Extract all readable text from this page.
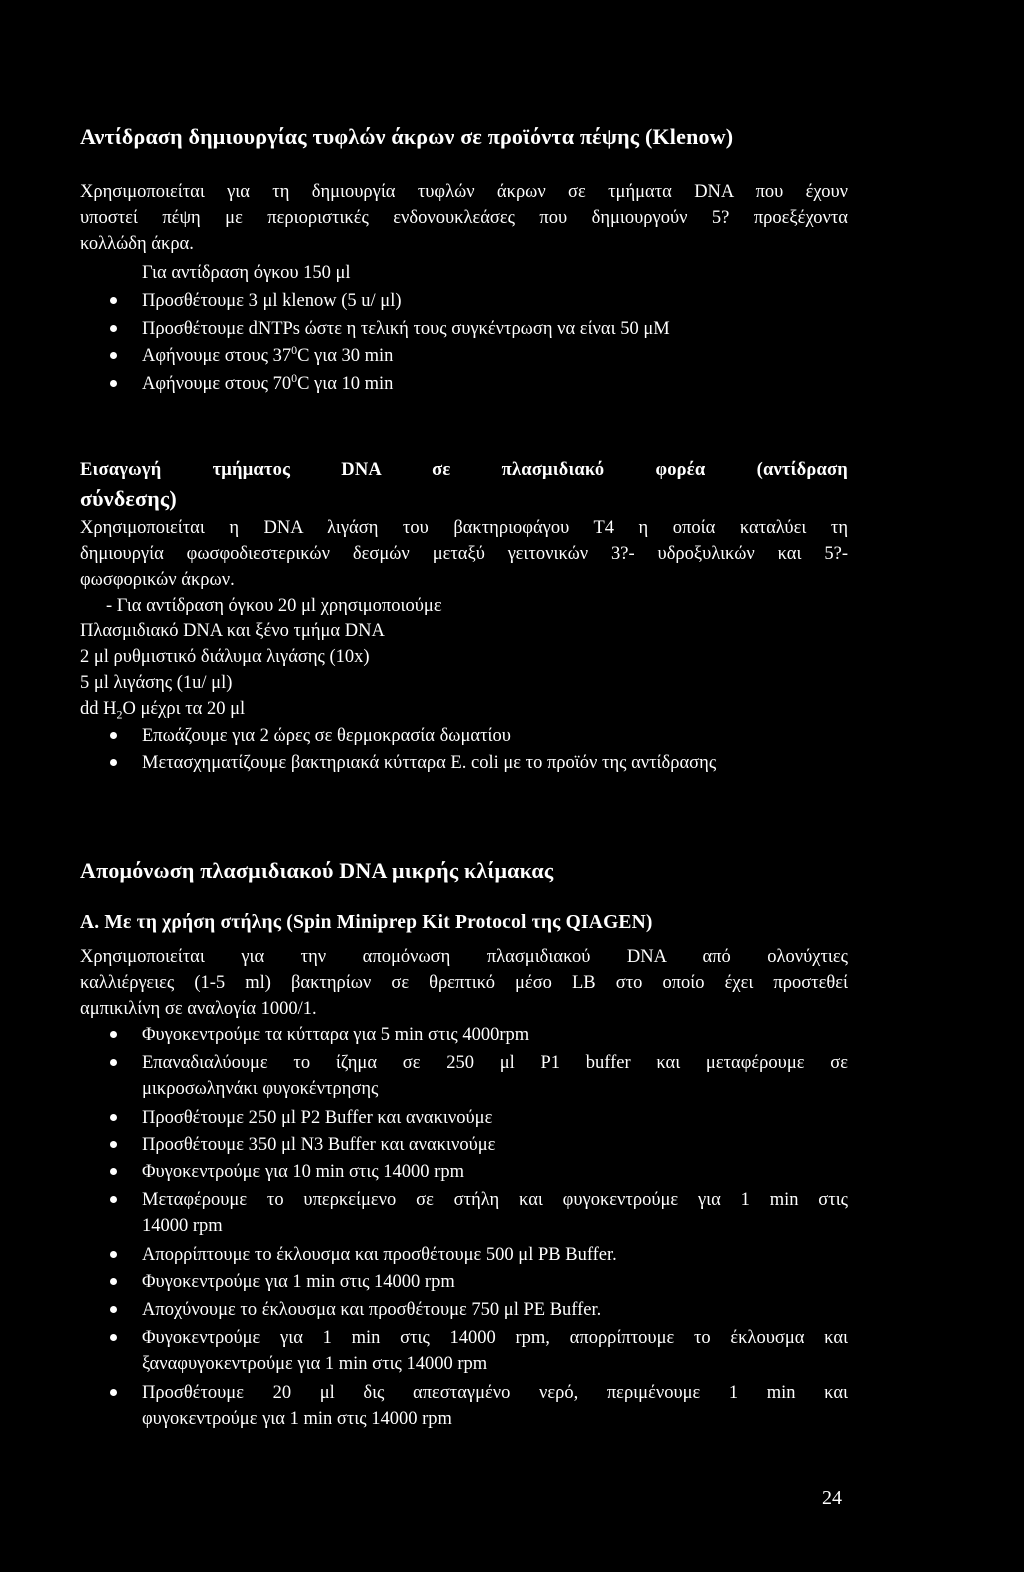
Αντίδραση δημιουργίας τυφλών άκρων σε προϊόντα πέψης (Klenow)
Χρησιμοποιείται για τη δημιουργία τυφλών άκρων σε τμήματα DNA που έχουν
υποστεί πέψη με περιοριστικές ενδονουκλεάσες που δημιουργούν 5? προεξέχοντα
κολλώδη άκρα.
Για αντίδραση όγκου 150 μl
Προσθέτουμε 3 μl klenow (5 u/ μl)
Προσθέτουμε dNTPs ώστε η τελική τους συγκέντρωση να είναι 50 μM
Αφήνουμε στους $37^0C$ για 30 min
Αφήνουμε στους $70^0C$ για 10 min
Εισαγωγή τμήματος DNA σε πλασμιδιακό φορέα (αντίδραση
σύνδεσης)
Χρησιμοποιείται η DNA λιγάση του βακτηριοφάγου Τ4 η οποία καταλύει τη
δημιουργία φωσφοδιεστερικών δεσμών μεταξύ γειτονικών 3?- υδροξυλικών και 5?-
φωσφορικών άκρων.
- Για αντίδραση όγκου 20 μl χρησιμοποιούμε
Πλασμιδιακό DNA και ξένο τμήμα DNA
2 μl ρυθμιστικό διάλυμα λιγάσης (10x)
5 μl λιγάσης (1u/ μl)
dd $H_2O$ μέχρι τα 20 μl
Επωάζουμε για 2 ώρες σε θερμοκρασία δωματίου
Μετασχηματίζουμε βακτηριακά κύτταρα E. coli με το προϊόν της αντίδρασης
Απομόνωση πλασμιδιακού DNA μικρής κλίμακας
Α. Με τη χρήση στήλης (Spin Miniprep Kit Protocol της QIAGEN)
Χρησιμοποιείται για την απομόνωση πλασμιδιακού DNA από ολονύχτιες
καλλιέργειες (1-5 ml) βακτηρίων σε θρεπτικό μέσο LB στο οποίο έχει προστεθεί
αμπικιλίνη σε αναλογία 1000/1.
Φυγοκεντρούμε τα κύτταρα για 5 min στις 4000rpm
Επαναδιαλύουμε το ίζημα σε 250 μl P1 buffer και μεταφέρουμε σε
μικροσωληνάκι φυγοκέντρησης
Προσθέτουμε 250 μl P2 Buffer και ανακινούμε
Προσθέτουμε 350 μl N3 Buffer και ανακινούμε
Φυγοκεντρούμε για 10 min στις 14000 rpm
Μεταφέρουμε το υπερκείμενο σε στήλη και φυγοκεντρούμε για 1 min στις
14000 rpm
Απορρίπτουμε το έκλουσμα και προσθέτουμε 500 μl PB Buffer.
Φυγοκεντρούμε για 1 min στις 14000 rpm
Αποχύνουμε το έκλουσμα και προσθέτουμε 750 μl PE Buffer.
Φυγοκεντρούμε για 1 min στις 14000 rpm, απορρίπτουμε το έκλουσμα και
ξαναφυγοκεντρούμε για 1 min στις 14000 rpm
Προσθέτουμε 20 μl δις απεσταγμένο νερό, περιμένουμε 1 min και
φυγοκεντρούμε για 1 min στις 14000 rpm
24
